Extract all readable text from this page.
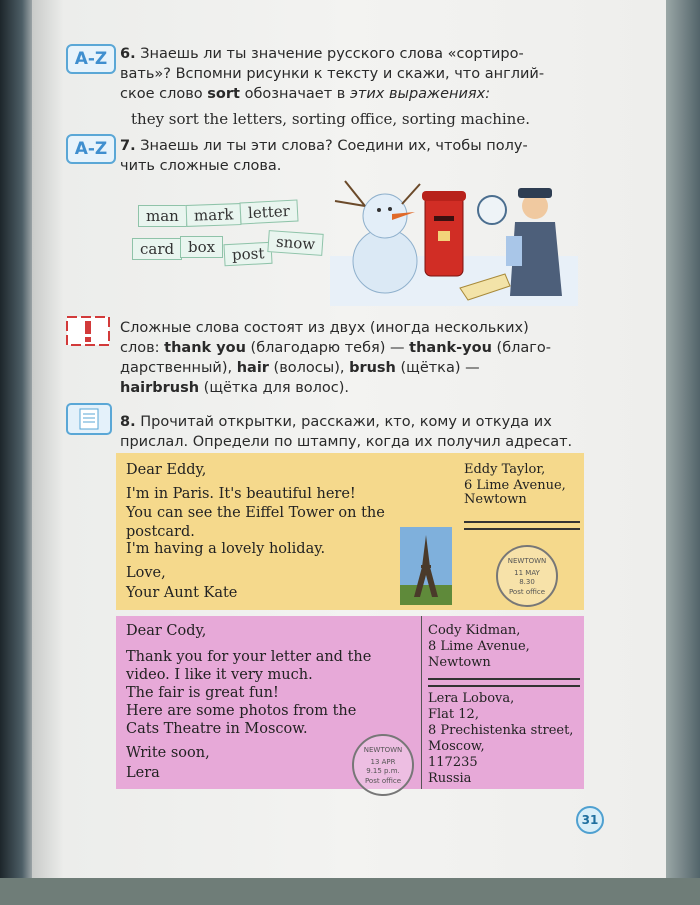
A-Z 6. Знаешь ли ты значение русского слова «сортиро-
вать»? Вспомни рисунки к тексту и скажи, что англий-
ское слово sort обозначает в этих выражениях:
they sort the letters, sorting office, sorting machine.
A-Z 7. Знаешь ли ты эти слова? Соедини их, чтобы полу-
чить сложные слова.
man mark letter
card box	post
snow
Сложные слова состоят из двух (иногда нескольких)
слов: thank you (благодарю тебя) — thank-you (благо-
дарственный), hair (волосы), brush (щётка) —
hairbrush (щётка для волос).
8. Прочитай открытки, расскажи, кто, кому и откуда их
прислал. Определи по штампу, когда их получил адресат.
Dear Eddy,
I'm in Paris. It's beautiful here!
You can see the Eiffel Tower on the
postcard.
I'm having a lovely holiday.
Love,
Your Aunt Kate
Eddy Taylor,
6 Lime Avenue,
Newtown
NEWTOWN
11 MAY
8.30
Post office
Dear Cody,
Thank you for your letter and the
video. I like it very much.
The fair is great fun!
Here are some photos from the
Cats Theatre in Moscow.
Write soon,
Lera
NEWTOWN
13 APR
9.15 p.m.
Post office
Cody Kidman,
8 Lime Avenue,
Newtown
Lera Lobova,
Flat 12,
8 Prechistenka street,
Moscow,
117235
Russia
31
